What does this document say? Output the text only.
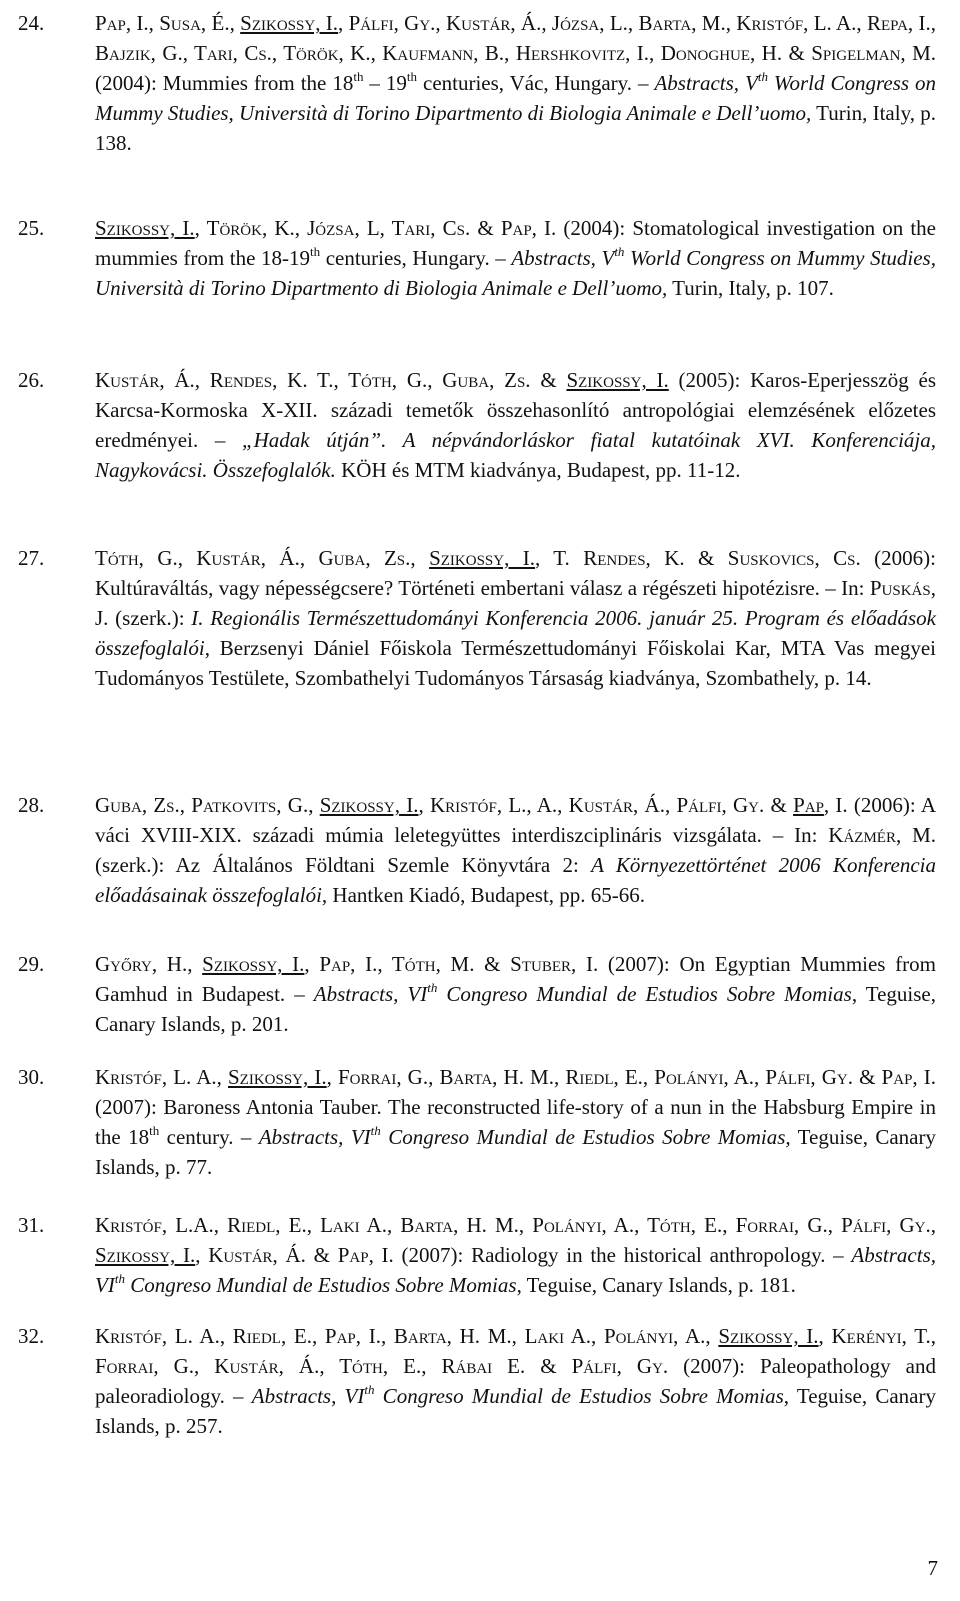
24. Pap, I., Susa, É., Szikossy, I., Pálfi, Gy., Kustár, Á., Józsa, L., Barta, M., Kristóf, L. A., Repa, I., Bajzik, G., Tari, Cs., Török, K., Kaufmann, B., Hershkovitz, I., Donoghue, H. & Spigelman, M. (2004): Mummies from the 18th – 19th centuries, Vác, Hungary. – Abstracts, Vth World Congress on Mummy Studies, Università di Torino Dipartmento di Biologia Animale e Dell’uomo, Turin, Italy, p. 138.
25. Szikossy, I., Török, K., Józsa, L, Tari, Cs. & Pap, I. (2004): Stomatological investigation on the mummies from the 18-19th centuries, Hungary. – Abstracts, Vth World Congress on Mummy Studies, Università di Torino Dipartmento di Biologia Animale e Dell’uomo, Turin, Italy, p. 107.
26. Kustár, Á., Rendes, K. T., Tóth, G., Guba, Zs. & Szikossy, I. (2005): Karos-Eperjesszög és Karcsa-Kormoska X-XII. századi temetők összehasonlító antropológiai elemzésének előzetes eredményei. – „Hadak útján”. A népvándorláskor fiatal kutatóinak XVI. Konferenciája, Nagykovácsi. Összefoglalók. KÖH és MTM kiadványa, Budapest, pp. 11-12.
27. Tóth, G., Kustár, Á., Guba, Zs., Szikossy, I., T. Rendes, K. & Suskovics, Cs. (2006): Kultúraváltás, vagy népességcsere? Történeti embertani válasz a régészeti hipotézisre. – In: Puskás, J. (szerk.): I. Regionális Természettudományi Konferencia 2006. január 25. Program és előadások összefoglalói, Berzsenyi Dániel Főiskola Természettudományi Főiskolai Kar, MTA Vas megyei Tudományos Testülete, Szombathelyi Tudományos Társaság kiadványa, Szombathely, p. 14.
28. Guba, Zs., Patkovits, G., Szikossy, I., Kristóf, L., A., Kustár, Á., Pálfi, Gy. & Pap, I. (2006): A váci XVIII-XIX. századi múmia leletegyüttes interdiszciplináris vizsgálata. – In: Kázmér, M. (szerk.): Az Általános Földtani Szemle Könyvtára 2: A Környezettörténet 2006 Konferencia előadásainak összefoglalói, Hantken Kiadó, Budapest, pp. 65-66.
29. Győry, H., Szikossy, I., Pap, I., Tóth, M. & Stuber, I. (2007): On Egyptian Mummies from Gamhud in Budapest. – Abstracts, VIth Congreso Mundial de Estudios Sobre Momias, Teguise, Canary Islands, p. 201.
30. Kristóf, L. A., Szikossy, I., Forrai, G., Barta, H. M., Riedl, E., Polányi, A., Pálfi, Gy. & Pap, I. (2007): Baroness Antonia Tauber. The reconstructed life-story of a nun in the Habsburg Empire in the 18th century. – Abstracts, VIth Congreso Mundial de Estudios Sobre Momias, Teguise, Canary Islands, p. 77.
31. Kristóf, L.A., Riedl, E., Laki A., Barta, H. M., Polányi, A., Tóth, E., Forrai, G., Pálfi, Gy., Szikossy, I., Kustár, Á. & Pap, I. (2007): Radiology in the historical anthropology. – Abstracts, VIth Congreso Mundial de Estudios Sobre Momias, Teguise, Canary Islands, p. 181.
32. Kristóf, L. A., Riedl, E., Pap, I., Barta, H. M., Laki A., Polányi, A., Szikossy, I., Kerényi, T., Forrai, G., Kustár, Á., Tóth, E., Rábai E. & Pálfi, Gy. (2007): Paleopathology and paleoradiology. – Abstracts, VIth Congreso Mundial de Estudios Sobre Momias, Teguise, Canary Islands, p. 257.
7
